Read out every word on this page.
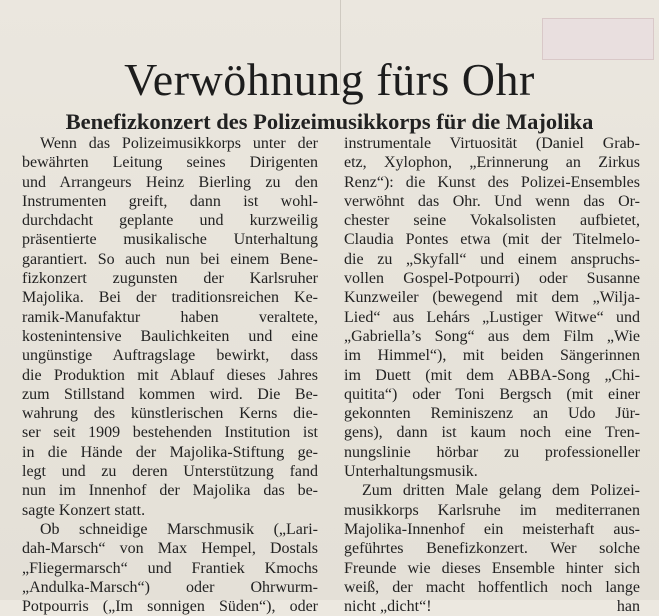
Verwöhnung fürs Ohr
Benefizkonzert des Polizeimusikkorps für die Majolika
Wenn das Polizeimusikkorps unter der
bewährten Leitung seines Dirigenten
und Arrangeurs Heinz Bierling zu den
Instrumenten greift, dann ist wohl-
durchdacht geplante und kurzweilig
präsentierte musikalische Unterhaltung
garantiert. So auch nun bei einem Bene-
fizkonzert zugunsten der Karlsruher
Majolika. Bei der traditionsreichen Ke-
ramik-Manufaktur haben veraltete,
kostenintensive Baulichkeiten und eine
ungünstige Auftragslage bewirkt, dass
die Produktion mit Ablauf dieses Jahres
zum Stillstand kommen wird. Die Be-
wahrung des künstlerischen Kerns die-
ser seit 1909 bestehenden Institution ist
in die Hände der Majolika-Stiftung ge-
legt und zu deren Unterstützung fand
nun im Innenhof der Majolika das be-
sagte Konzert statt.
Ob schneidige Marschmusik („Lari-
dah-Marsch“ von Max Hempel, Dostals
„Fliegermarsch“ und Frantiek Kmochs
„Andulka-Marsch“) oder Ohrwurm-
Potpourris („Im sonnigen Süden“), oder
instrumentale Virtuosität (Daniel Grab-
etz, Xylophon, „Erinnerung an Zirkus
Renz“): die Kunst des Polizei-Ensembles
verwöhnt das Ohr. Und wenn das Or-
chester seine Vokalsolisten aufbietet,
Claudia Pontes etwa (mit der Titelmelo-
die zu „Skyfall“ und einem anspruchs-
vollen Gospel-Potpourri) oder Susanne
Kunzweiler (bewegend mit dem „Wilja-
Lied“ aus Lehárs „Lustiger Witwe“ und
„Gabriella’s Song“ aus dem Film „Wie
im Himmel“), mit beiden Sängerinnen
im Duett (mit dem ABBA-Song „Chi-
quitita“) oder Toni Bergsch (mit einer
gekonnten Reminiszenz an Udo Jür-
gens), dann ist kaum noch eine Tren-
nungslinie hörbar zu professioneller
Unterhaltungsmusik.
Zum dritten Male gelang dem Polizei-
musikkorps Karlsruhe im mediterranen
Majolika-Innenhof ein meisterhaft aus-
geführtes Benefizkonzert. Wer solche
Freunde wie dieses Ensemble hinter sich
weiß, der macht hoffentlich noch lange
nicht „dicht“!	han
